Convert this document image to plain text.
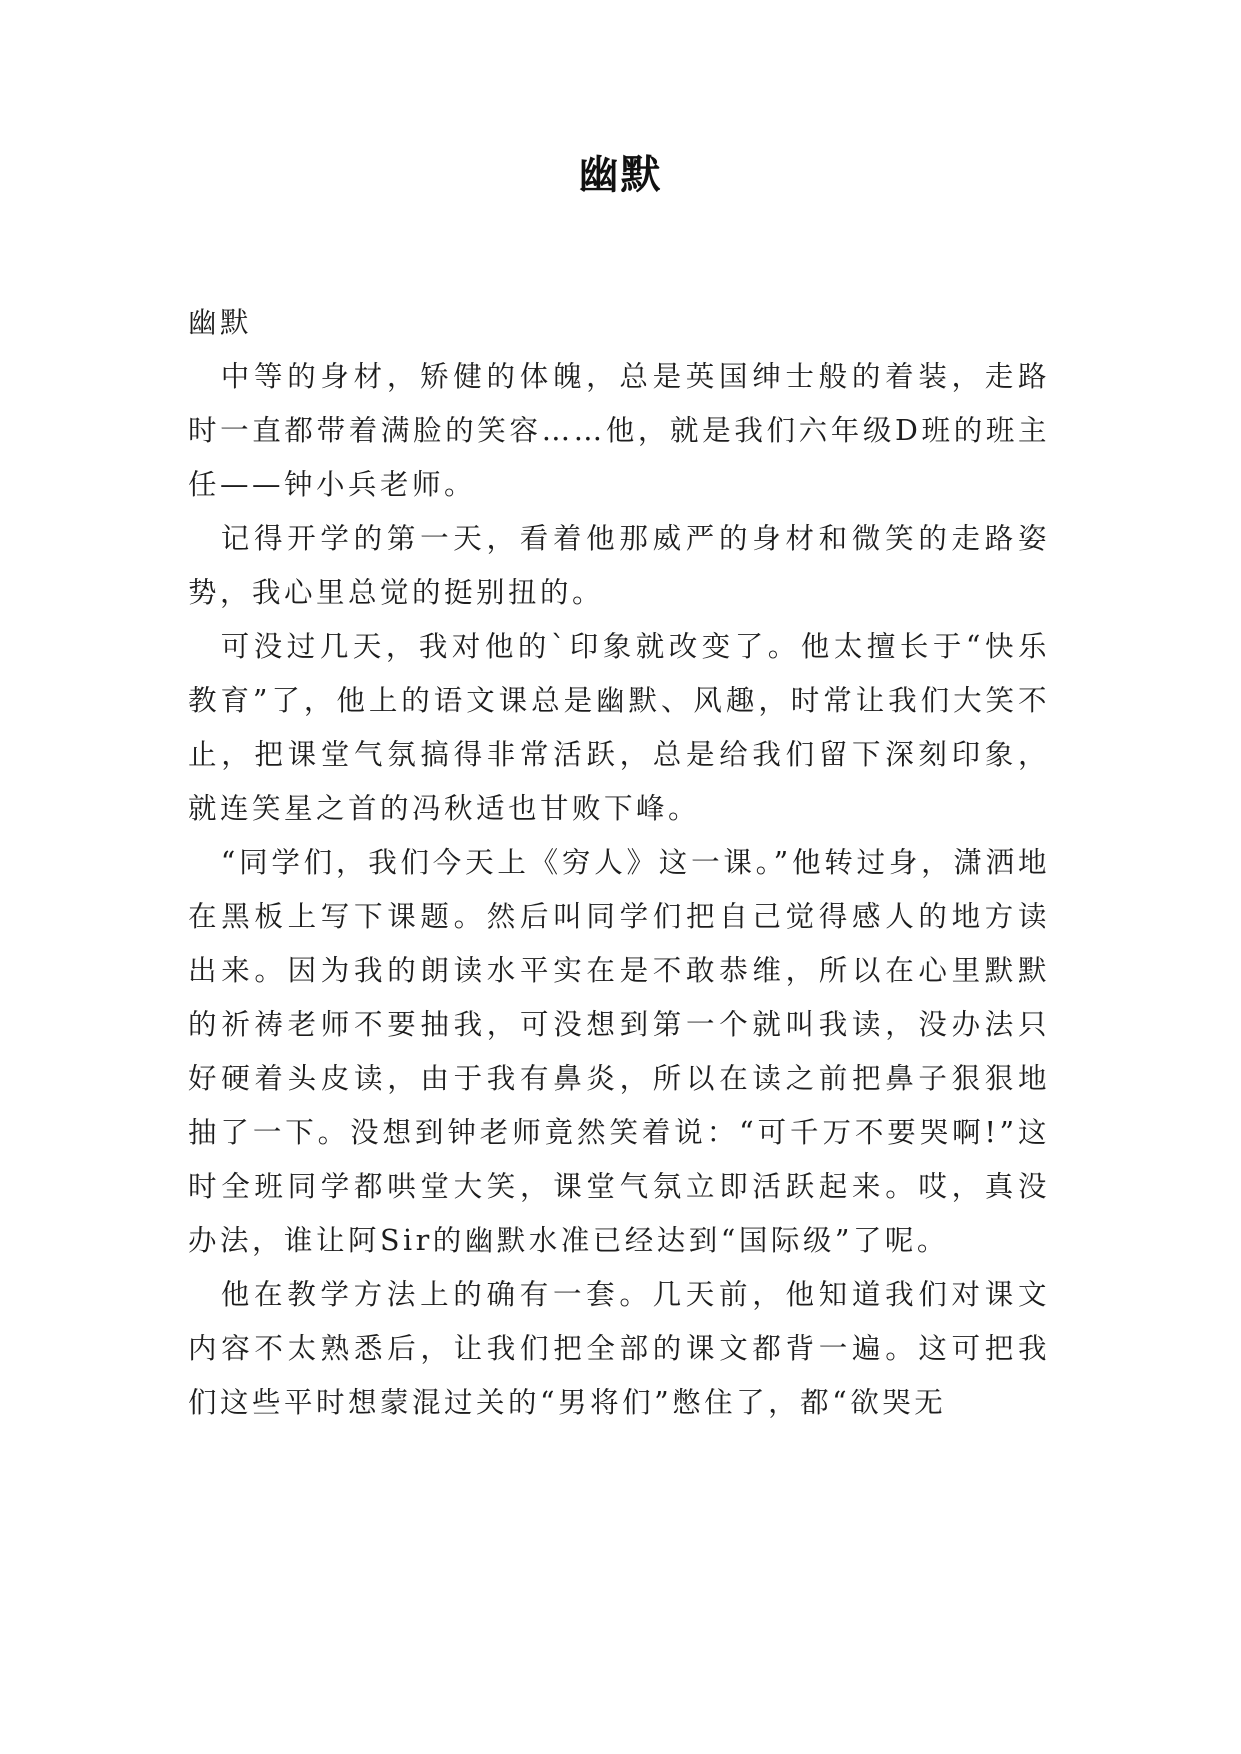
幽默

幽默

中等的身材，矫健的体魄，总是英国绅士般的着装，走路时一直都带着满脸的笑容……他，就是我们六年级D班的班主任——钟小兵老师。

记得开学的第一天，看着他那威严的身材和微笑的走路姿势，我心里总觉的挺别扭的。

可没过几天，我对他的`印象就改变了。他太擅长于“快乐教育”了，他上的语文课总是幽默、风趣，时常让我们大笑不止，把课堂气氛搞得非常活跃，总是给我们留下深刻印象，就连笑星之首的冯秋适也甘败下峰。

“同学们，我们今天上《穷人》这一课。”他转过身，潇洒地在黑板上写下课题。然后叫同学们把自己觉得感人的地方读出来。因为我的朗读水平实在是不敢恭维，所以在心里默默的祈祷老师不要抽我，可没想到第一个就叫我读，没办法只好硬着头皮读，由于我有鼻炎，所以在读之前把鼻子狠狠地抽了一下。没想到钟老师竟然笑着说：“可千万不要哭啊!”这时全班同学都哄堂大笑，课堂气氛立即活跃起来。哎，真没办法，谁让阿Sir的幽默水准已经达到“国际级”了呢。

他在教学方法上的确有一套。几天前，他知道我们对课文内容不太熟悉后，让我们把全部的课文都背一遍。这可把我们这些平时想蒙混过关的“男将们”憋住了，都“欲哭无
